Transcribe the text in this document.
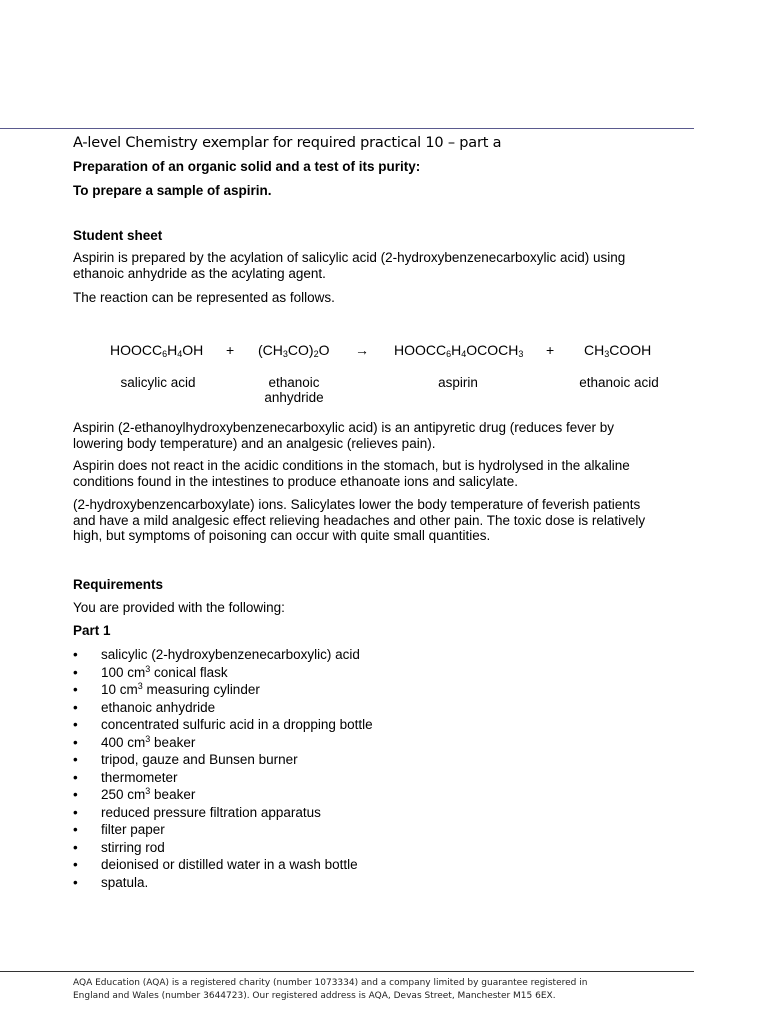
A-level Chemistry exemplar for required practical 10 – part a
Preparation of an organic solid and a test of its purity:
To prepare a sample of aspirin.
Student sheet
Aspirin is prepared by the acylation of salicylic acid (2-hydroxybenzenecarboxylic acid) using ethanoic anhydride as the acylating agent.
The reaction can be represented as follows.
$HOOCC_6H_4OH + (CH_3CO)_2O$ → $HOOCC_6H_4OCOCH_3$ + $CH_3COOH$
salicylic acid	ethanoic
anhydride
aspirin	ethanoic acid
Aspirin (2-ethanoylhydroxybenzenecarboxylic acid) is an antipyretic drug (reduces fever by lowering body temperature) and an analgesic (relieves pain).
Aspirin does not react in the acidic conditions in the stomach, but is hydrolysed in the alkaline conditions found in the intestines to produce ethanoate ions and salicylate.
(2-hydroxybenzencarboxylate) ions. Salicylates lower the body temperature of feverish patients and have a mild analgesic effect relieving headaches and other pain. The toxic dose is relatively high, but symptoms of poisoning can occur with quite small quantities.
Requirements
You are provided with the following:
Part 1
• salicylic (2-hydroxybenzenecarboxylic) acid
• 100 $cm^3$ conical flask
• 10 $cm^3$ measuring cylinder
• ethanoic anhydride
• concentrated sulfuric acid in a dropping bottle
• 400 $cm^3$ beaker
• tripod, gauze and Bunsen burner
• thermometer
• 250 $cm^3$ beaker
• reduced pressure filtration apparatus
• filter paper
• stirring rod
• deionised or distilled water in a wash bottle
• spatula.
AQA Education (AQA) is a registered charity (number 1073334) and a company limited by guarantee registered in
England and Wales (number 3644723). Our registered address is AQA, Devas Street, Manchester M15 6EX.
